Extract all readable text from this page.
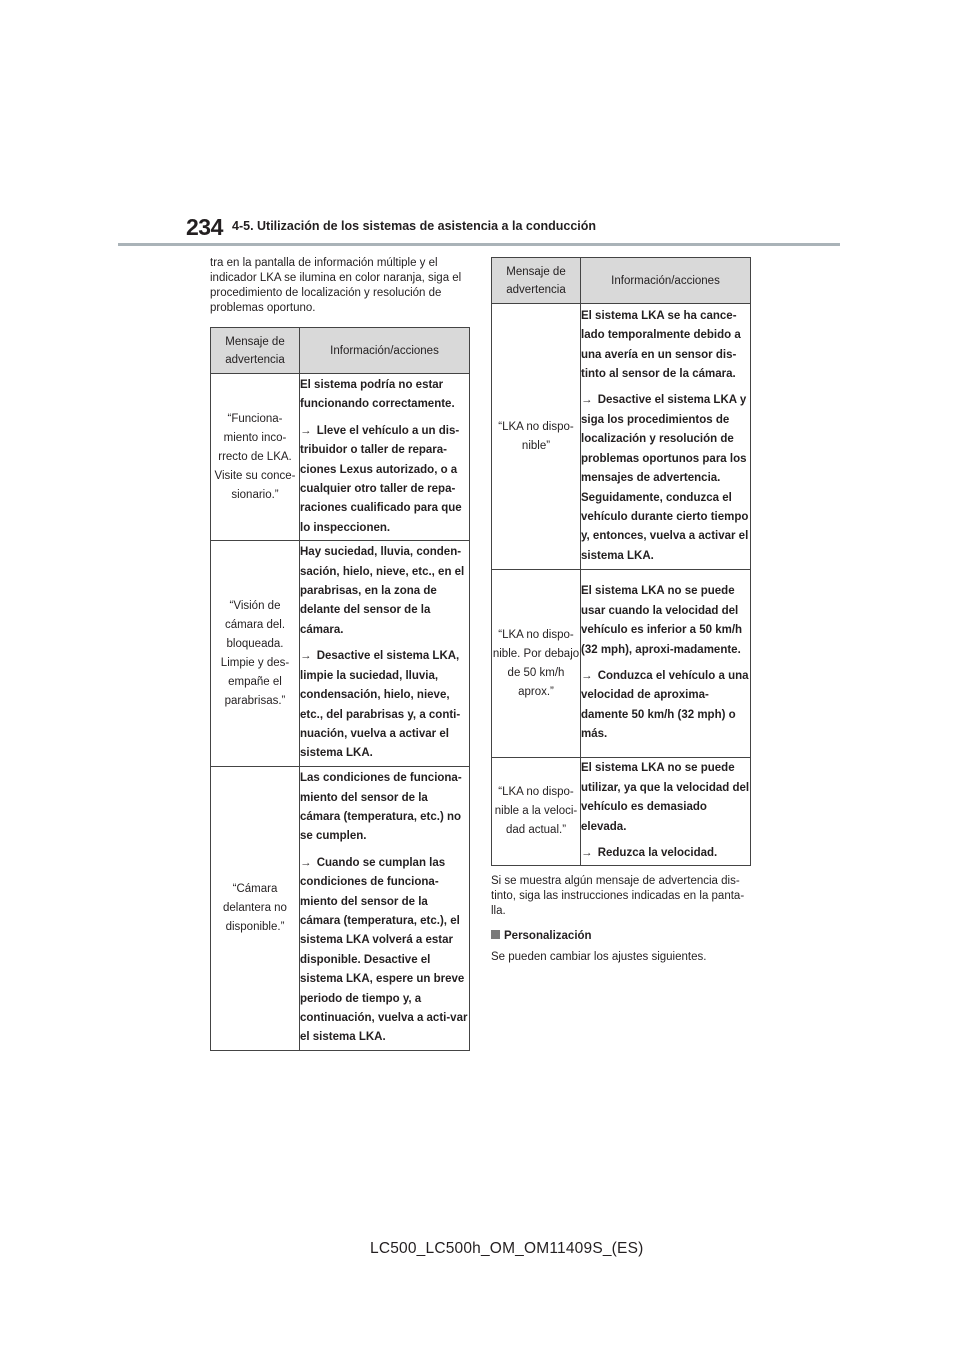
234 4-5. Utilización de los sistemas de asistencia a la conducción

tra en la pantalla de información múltiple y el indicador LKA se ilumina en color naranja, siga el procedimiento de localización y resolución de problemas oportuno.

Mensaje de advertencia	Información/acciones
“Funciona-miento inco-rrecto de LKA. Visite su conce-sionario.”	El sistema podría no estar funcionando correctamente.

→ Lleve el vehículo a un dis-tribuidor o taller de repara-ciones Lexus autorizado, o a cualquier otro taller de repa-raciones cualificado para que lo inspeccionen.

“Visión de cámara del. bloqueada. Limpie y des-empañe el parabrisas.”	Hay suciedad, lluvia, conden-sación, hielo, nieve, etc., en el parabrisas, en la zona de delante del sensor de la cámara.

→ Desactive el sistema LKA, limpie la suciedad, lluvia, condensación, hielo, nieve, etc., del parabrisas y, a conti-nuación, vuelva a activar el sistema LKA.

“Cámara delantera no disponible.”	Las condiciones de funciona-miento del sensor de la cámara (temperatura, etc.) no se cumplen.

→ Cuando se cumplan las condiciones de funciona-miento del sensor de la cámara (temperatura, etc.), el sistema LKA volverá a estar disponible. Desactive el sistema LKA, espere un breve periodo de tiempo y, a continuación, vuelva a acti-var el sistema LKA.

Mensaje de advertencia	Información/acciones
“LKA no dispo-nible”	El sistema LKA se ha cance-lado temporalmente debido a una avería en un sensor dis-tinto al sensor de la cámara.

→ Desactive el sistema LKA y siga los procedimientos de localización y resolución de problemas oportunos para los mensajes de advertencia. Seguidamente, conduzca el vehículo durante cierto tiempo y, entonces, vuelva a activar el sistema LKA.

“LKA no dispo-nible. Por debajo de 50 km/h aprox.”	El sistema LKA no se puede usar cuando la velocidad del vehículo es inferior a 50 km/h (32 mph), aproxi-madamente.

→ Conduzca el vehículo a una velocidad de aproxima-damente 50 km/h (32 mph) o más.

“LKA no dispo-nible a la veloci-dad actual.”	El sistema LKA no se puede utilizar, ya que la velocidad del vehículo es demasiado elevada.

→ Reduzca la velocidad.

Si se muestra algún mensaje de advertencia dis-tinto, siga las instrucciones indicadas en la panta-lla.

Personalización

Se pueden cambiar los ajustes siguientes.

LC500_LC500h_OM_OM11409S_(ES)
